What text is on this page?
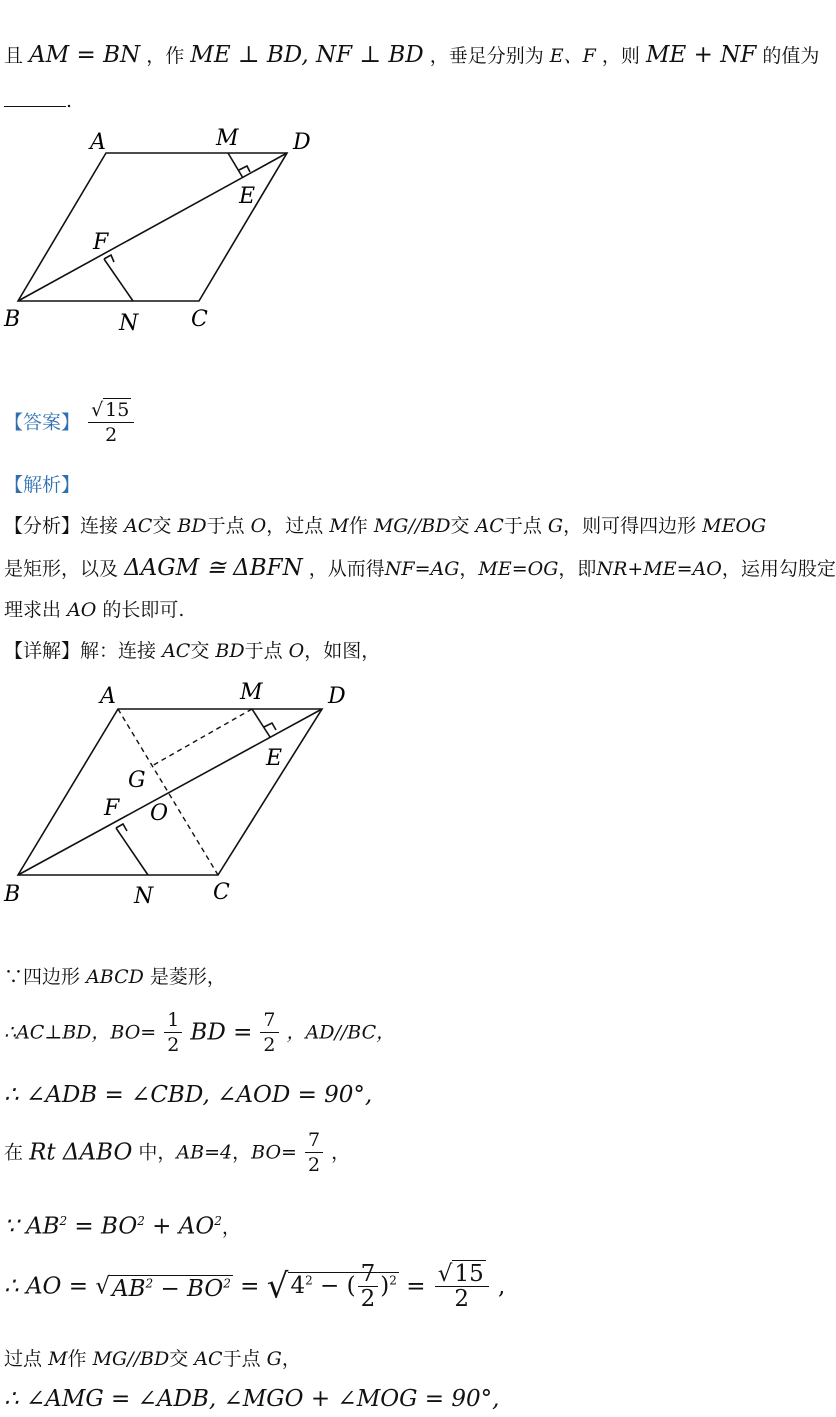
且 AM = BN ，作 ME ⊥ BD, NF ⊥ BD ，垂足分别为 E、F ，则 ME + NF 的值为
.
A	M D
E
F
B	N C
【答案】 $\frac{√ 15}{2}$
【解析】
【分析】连接 AC交 BD于点 O，过点 M作 MG//BD交 AC于点 G，则可得四边形 MEOG
是矩形，以及 ΔAGM ≅ ΔBFN ，从而得NF=AG，ME=OG，即NR+ME=AO，运用勾股定
理求出 AO 的长即可.
【详解】解：连接 AC交 BD于点 O，如图，
A	M	D
E
G
F O
B	N	C
∵四边形 ABCD 是菱形，
∴AC⊥BD，$BO= \frac{1}{2}$ BD = $\frac{7}{2}$ ，AD//BC，
∴ ∠ADB = ∠CBD, ∠AOD = 90°,
在 Rt ΔABO 中，AB=4，$BO= \frac{7}{2}$ ，
∵ $AB^2 = BO^2 + AO^2$，
∴ AO = $√AB^2 - BO^2 = √4^2$ − ( $\frac{7}{2} )^2 = \frac{√15}{2}$ ,
过点 M作 MG//BD交 AC于点 G，
∴ ∠AMG = ∠ADB, ∠MGO + ∠MOG = 90°,
